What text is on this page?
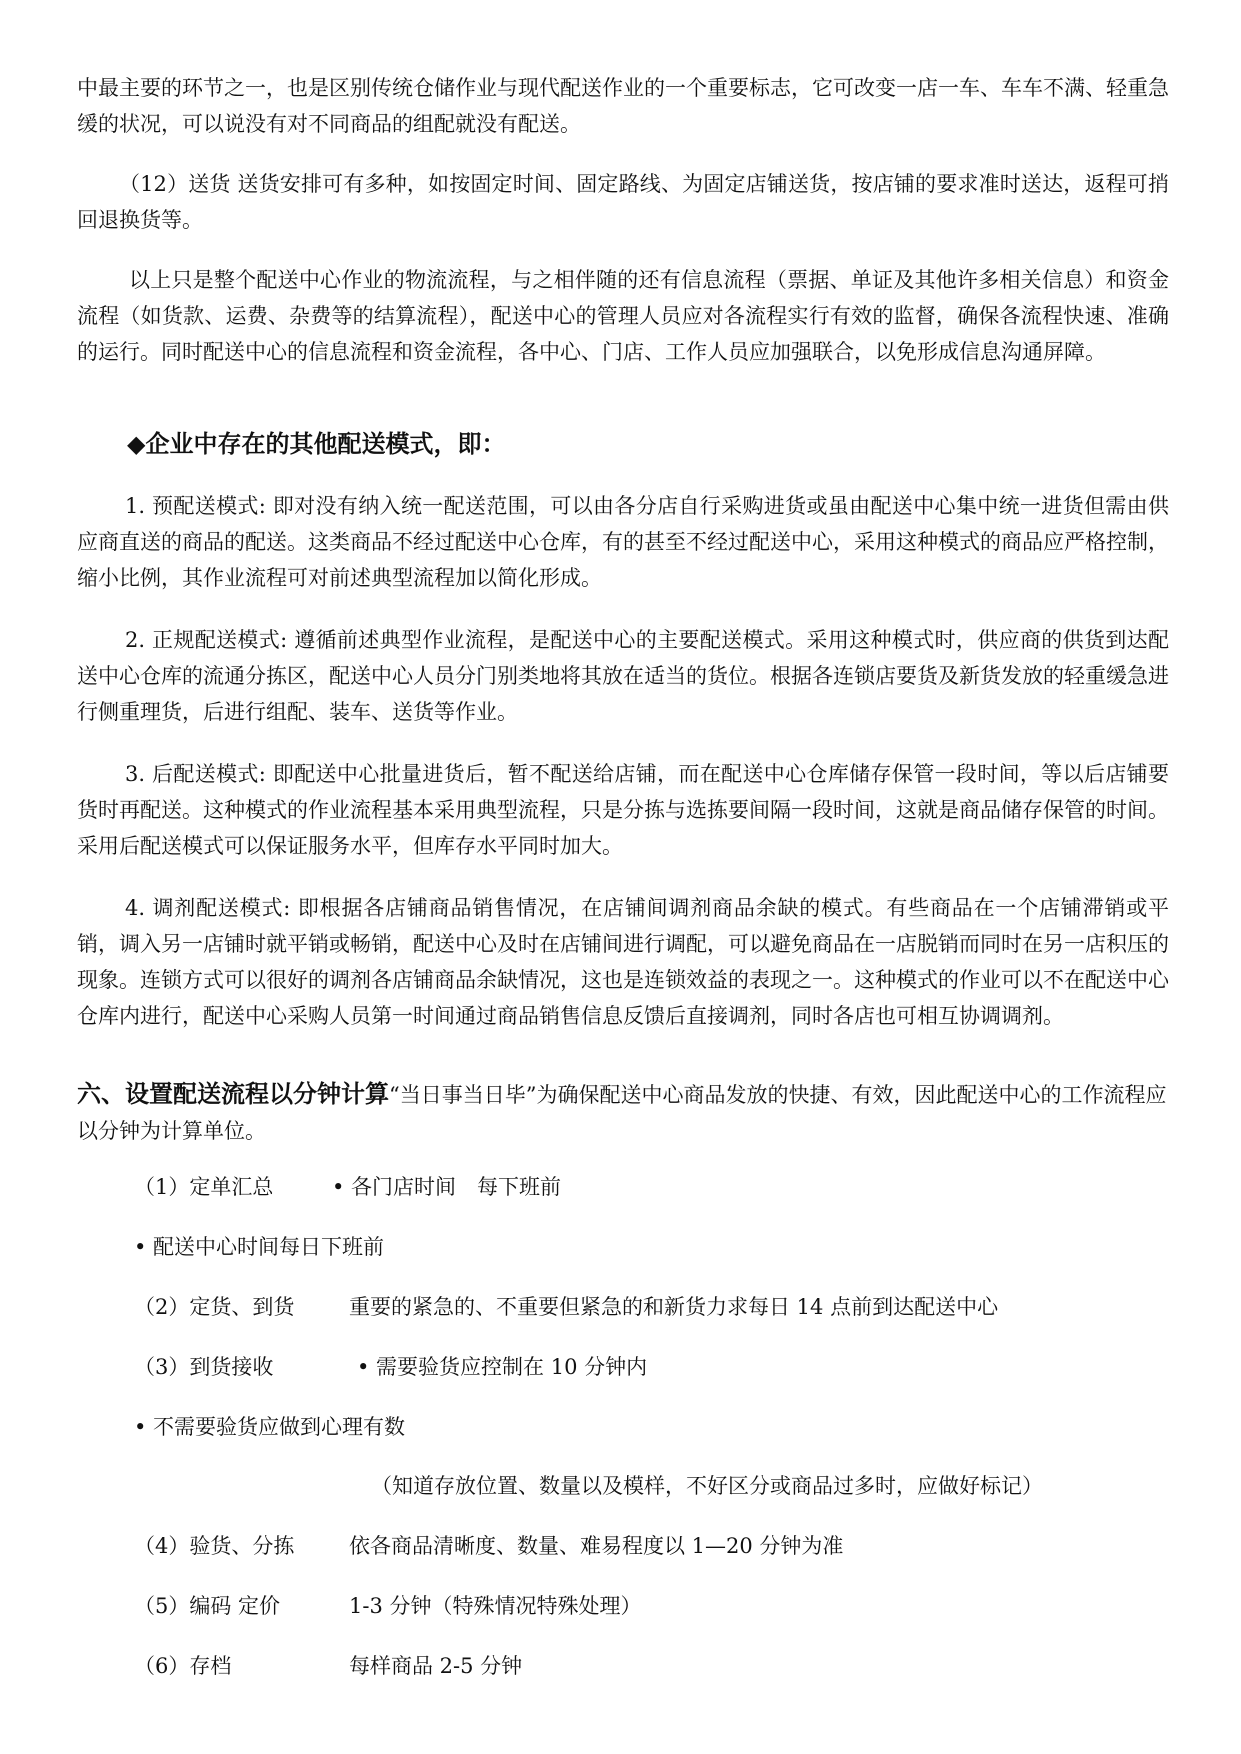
中最主要的环节之一，也是区别传统仓储作业与现代配送作业的一个重要标志，它可改变一店一车、车车不满、轻重急缓的状况，可以说没有对不同商品的组配就没有配送。

（12）送货 送货安排可有多种，如按固定时间、固定路线、为固定店铺送货，按店铺的要求准时送达，返程可捎回退换货等。

以上只是整个配送中心作业的物流流程，与之相伴随的还有信息流程（票据、单证及其他许多相关信息）和资金流程（如货款、运费、杂费等的结算流程），配送中心的管理人员应对各流程实行有效的监督，确保各流程快速、准确的运行。同时配送中心的信息流程和资金流程，各中心、门店、工作人员应加强联合，以免形成信息沟通屏障。

◆企业中存在的其他配送模式，即：

1. 预配送模式: 即对没有纳入统一配送范围，可以由各分店自行采购进货或虽由配送中心集中统一进货但需由供应商直送的商品的配送。这类商品不经过配送中心仓库，有的甚至不经过配送中心，采用这种模式的商品应严格控制，缩小比例，其作业流程可对前述典型流程加以简化形成。

2. 正规配送模式: 遵循前述典型作业流程，是配送中心的主要配送模式。采用这种模式时，供应商的供货到达配送中心仓库的流通分拣区，配送中心人员分门别类地将其放在适当的货位。根据各连锁店要货及新货发放的轻重缓急进行侧重理货，后进行组配、装车、送货等作业。

3. 后配送模式: 即配送中心批量进货后，暂不配送给店铺，而在配送中心仓库储存保管一段时间，等以后店铺要货时再配送。这种模式的作业流程基本采用典型流程，只是分拣与选拣要间隔一段时间，这就是商品储存保管的时间。采用后配送模式可以保证服务水平，但库存水平同时加大。

4. 调剂配送模式: 即根据各店铺商品销售情况，在店铺间调剂商品余缺的模式。有些商品在一个店铺滞销或平销，调入另一店铺时就平销或畅销，配送中心及时在店铺间进行调配，可以避免商品在一店脱销而同时在另一店积压的现象。连锁方式可以很好的调剂各店铺商品余缺情况，这也是连锁效益的表现之一。这种模式的作业可以不在配送中心仓库内进行，配送中心采购人员第一时间通过商品销售信息反馈后直接调剂，同时各店也可相互协调调剂。

六、设置配送流程以分钟计算“当日事当日毕”为确保配送中心商品发放的快捷、有效，因此配送中心的工作流程应以分钟为计算单位。

（1）定单汇总	• 各门店时间　每下班前

• 配送中心时间每日下班前

（2）定货、到货	重要的紧急的、不重要但紧急的和新货力求每日 14 点前到达配送中心

（3）到货接收	• 需要验货应控制在 10 分钟内

• 不需要验货应做到心理有数

（知道存放位置、数量以及模样，不好区分或商品过多时，应做好标记）

（4）验货、分拣	依各商品清晰度、数量、难易程度以 1—20 分钟为准

（5）编码 定价	1-3 分钟（特殊情况特殊处理）

（6）存档	每样商品 2-5 分钟
